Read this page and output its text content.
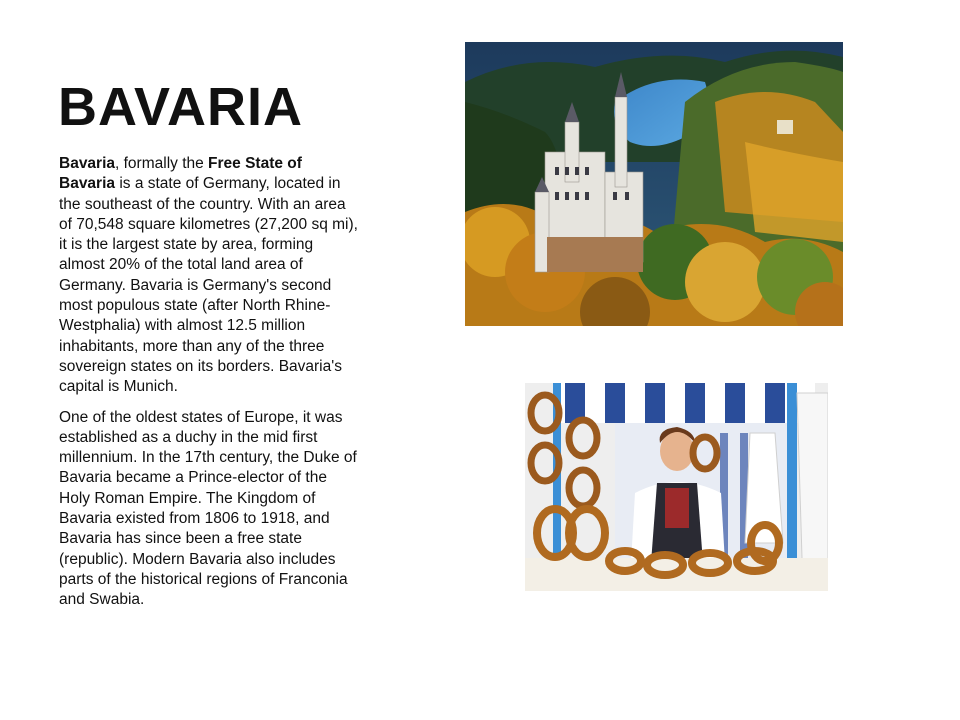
BAVARIA

Bavaria, formally the Free State of Bavaria is a state of Germany, located in the southeast of the country. With an area of 70,548 square kilometres (27,200 sq mi), it is the largest state by area, forming almost 20% of the total land area of Germany. Bavaria is Germany's second most populous state (after North Rhine-Westphalia) with almost 12.5 million inhabitants, more than any of the three sovereign states on its borders. Bavaria's capital is Munich.

One of the oldest states of Europe, it was established as a duchy in the mid first millennium. In the 17th century, the Duke of Bavaria became a Prince-elector of the Holy Roman Empire. The Kingdom of Bavaria existed from 1806 to 1918, and Bavaria has since been a free state (republic). Modern Bavaria also includes parts of the historical regions of Franconia and Swabia.
